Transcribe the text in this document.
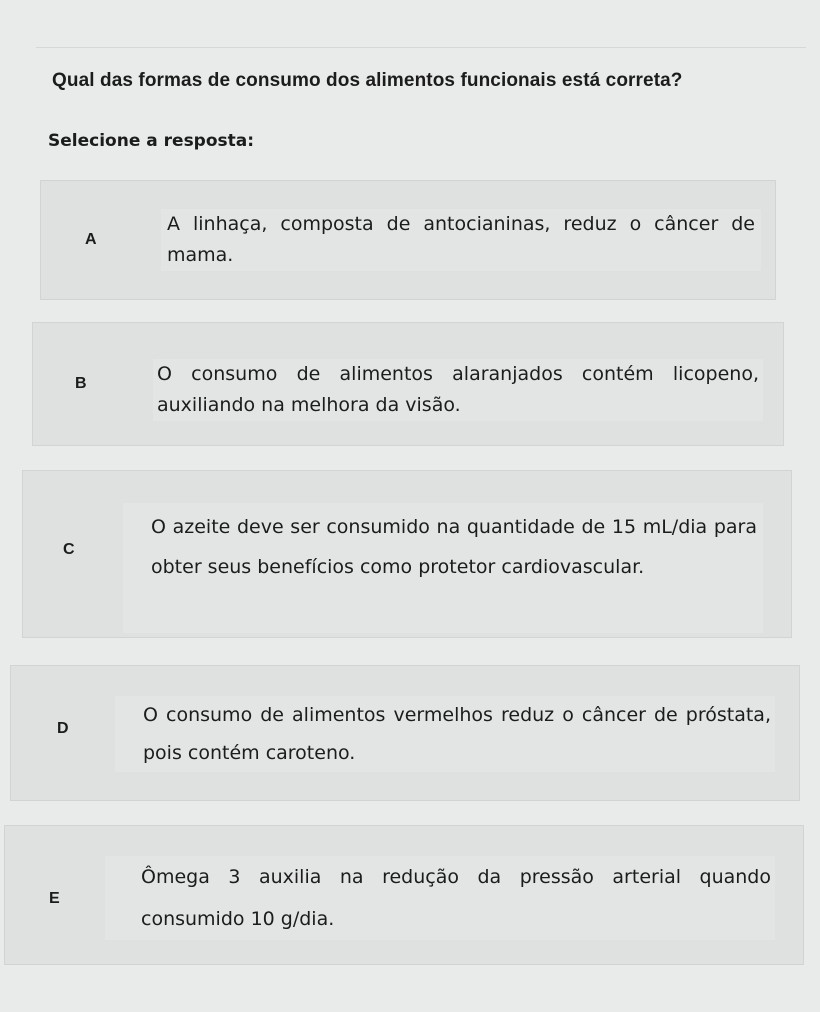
Qual das formas de consumo dos alimentos funcionais está correta?
Selecione a resposta:
A
A linhaça, composta de antocianinas, reduz o câncer de mama.
B	O consumo de alimentos alaranjados contém licopeno, auxiliando na melhora da visão.
C
O azeite deve ser consumido na quantidade de 15 mL/dia para obter seus benefícios como protetor cardiovascular.
D
O consumo de alimentos vermelhos reduz o câncer de próstata, pois contém caroteno.
E
Ômega 3 auxilia na redução da pressão arterial quando consumido 10 g/dia.
